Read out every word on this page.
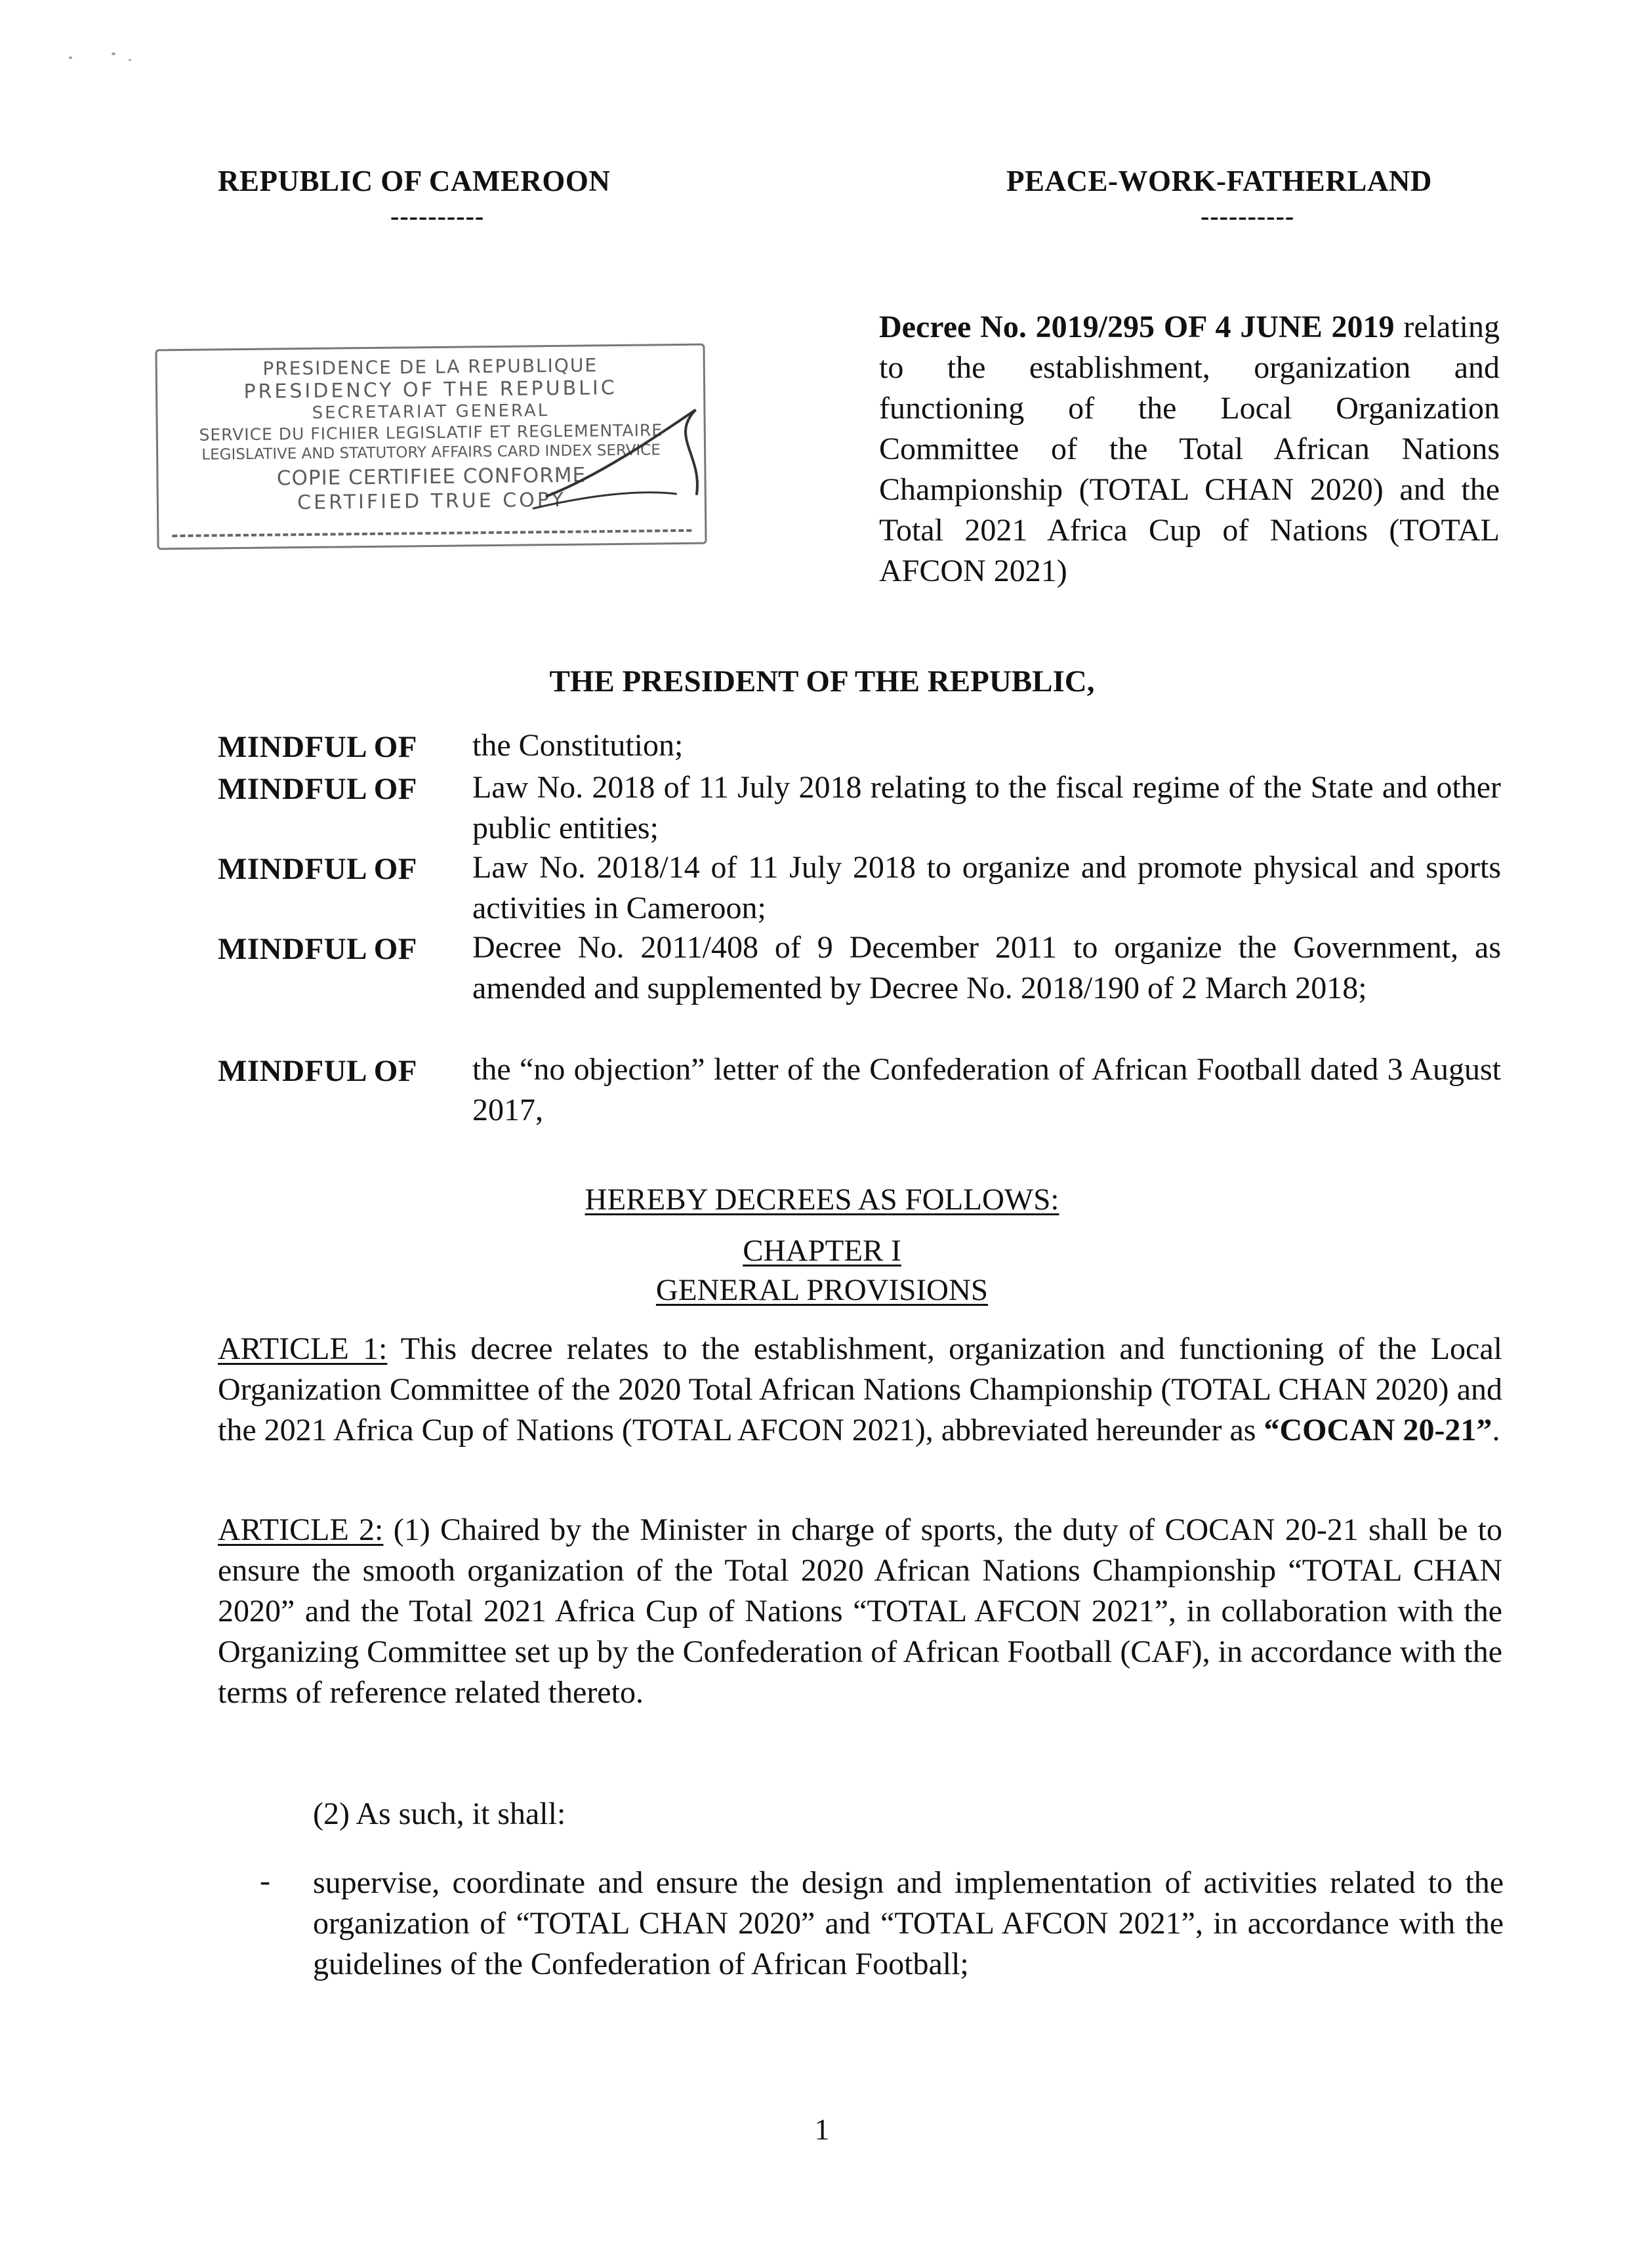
REPUBLIC OF CAMEROON
----------
PEACE-WORK-FATHERLAND
----------
PRESIDENCE DE LA REPUBLIQUE
PRESIDENCY OF THE REPUBLIC
SECRETARIAT GENERAL
SERVICE DU FICHIER LEGISLATIF ET REGLEMENTAIRE
LEGISLATIVE AND STATUTORY AFFAIRS CARD INDEX SERVICE
COPIE CERTIFIEE CONFORME
CERTIFIED TRUE COPY
Decree No. 2019/295 OF 4 JUNE 2019 relating to the establishment, organization and functioning of the Local Organization Committee of the Total African Nations Championship (TOTAL CHAN 2020) and the Total 2021 Africa Cup of Nations (TOTAL AFCON 2021)
THE PRESIDENT OF THE REPUBLIC,
MINDFUL OF the Constitution;
MINDFUL OF Law No. 2018 of 11 July 2018 relating to the fiscal regime of the State and other public entities;
MINDFUL OF Law No. 2018/14 of 11 July 2018 to organize and promote physical and sports activities in Cameroon;
MINDFUL OF Decree No. 2011/408 of 9 December 2011 to organize the Government, as amended and supplemented by Decree No. 2018/190 of 2 March 2018;
MINDFUL OF the “no objection” letter of the Confederation of African Football dated 3 August 2017,
HEREBY DECREES AS FOLLOWS:
CHAPTER I
GENERAL PROVISIONS
ARTICLE 1: This decree relates to the establishment, organization and functioning of the Local Organization Committee of the 2020 Total African Nations Championship (TOTAL CHAN 2020) and the 2021 Africa Cup of Nations (TOTAL AFCON 2021), abbreviated hereunder as “COCAN 20-21”.
ARTICLE 2: (1) Chaired by the Minister in charge of sports, the duty of COCAN 20-21 shall be to ensure the smooth organization of the Total 2020 African Nations Championship “TOTAL CHAN 2020” and the Total 2021 Africa Cup of Nations “TOTAL AFCON 2021”, in collaboration with the Organizing Committee set up by the Confederation of African Football (CAF), in accordance with the terms of reference related thereto.
(2) As such, it shall:
- supervise, coordinate and ensure the design and implementation of activities related to the organization of “TOTAL CHAN 2020” and “TOTAL AFCON 2021”, in accordance with the guidelines of the Confederation of African Football;
1
